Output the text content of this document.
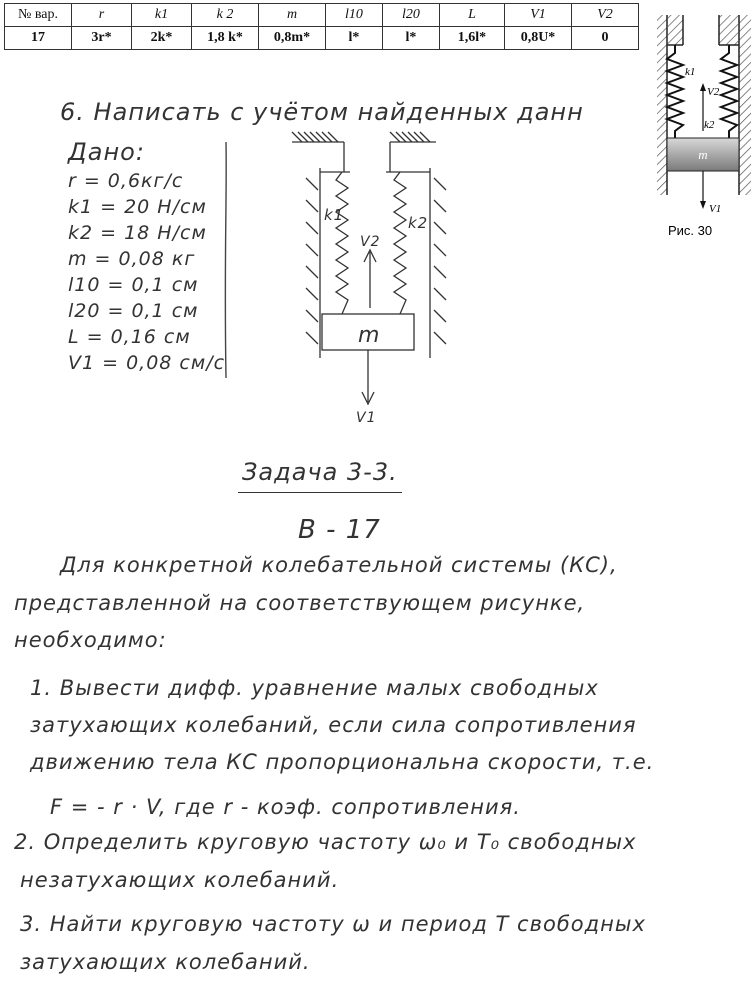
№ вар.	r	k1	k 2	m	l10	l20	L	V1	V2
17	3r*	2k*	1,8 k*	0,8m*	l*	l*	1,6l*	0,8U*	0
m
k1
V2
k2
V1
Рис. 30
6. Написать с учётом найденных данн
Дано:
r = 0,6кг/с
k1 = 20 Н/см
k2 = 18 Н/см
m = 0,08 кг
l10 = 0,1 см
l20 = 0,1 см
L = 0,16 см
V1 = 0,08 см/с
k1	k2
V2
m
V1
Задача 3-3.
В - 17
Для конкретной колебательной системы (КС),
представленной на соответствующем рисунке,
необходимо:
1. Вывести дифф. уравнение малых свободных
затухающих колебаний, если сила сопротивления
движению тела КС пропорциональна скорости, т.е.
F = - r · V, где r - коэф. сопротивления.
2. Определить круговую частоту ω₀ и T₀ свободных
незатухающих колебаний.
3. Найти круговую частоту ω и период T свободных
затухающих колебаний.
